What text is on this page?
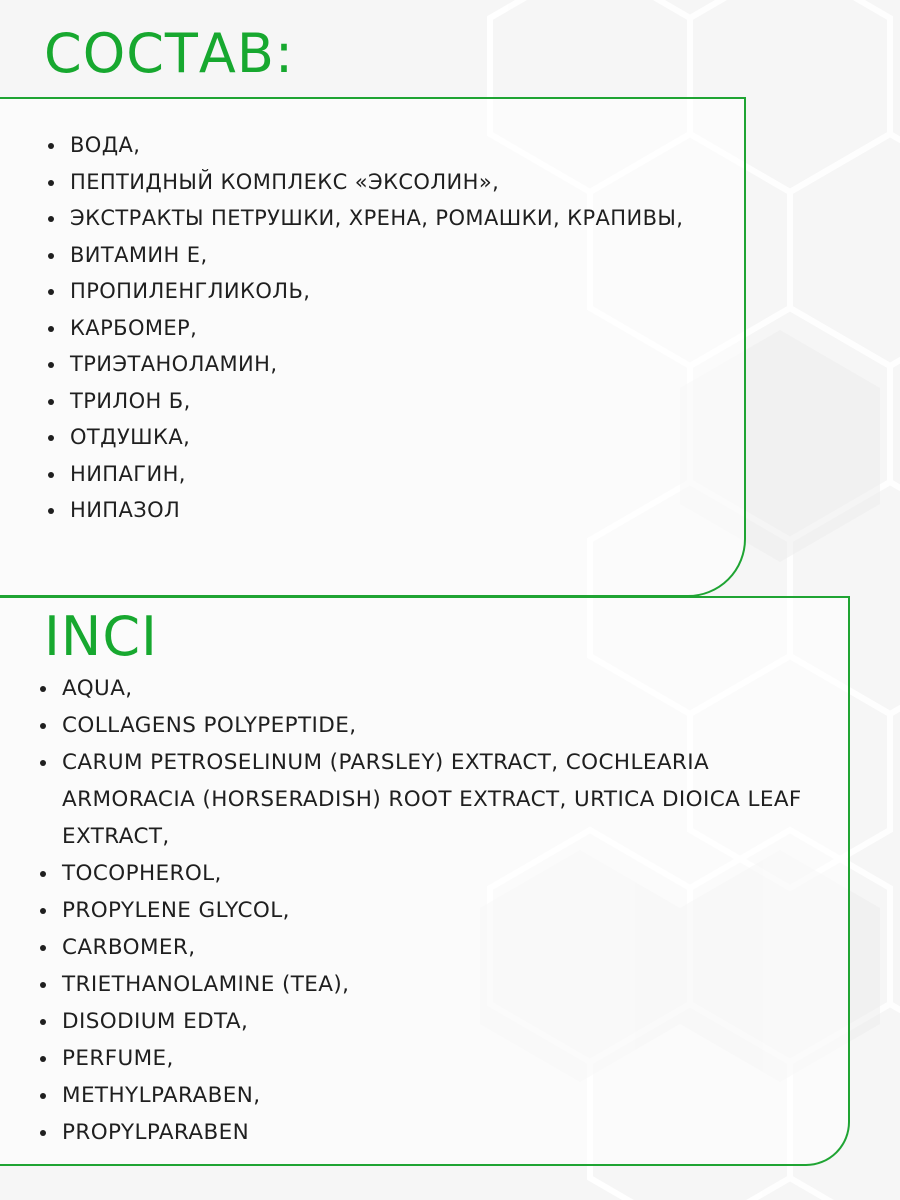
СОСТАВ:
ВОДА,
ПЕПТИДНЫЙ КОМПЛЕКС «ЭКСОЛИН»,
ЭКСТРАКТЫ ПЕТРУШКИ, ХРЕНА, РОМАШКИ, КРАПИВЫ,
ВИТАМИН Е,
ПРОПИЛЕНГЛИКОЛЬ,
КАРБОМЕР,
ТРИЭТАНОЛАМИН,
ТРИЛОН Б,
ОТДУШКА,
НИПАГИН,
НИПАЗОЛ
INCI
AQUA,
COLLAGENS POLYPEPTIDE,
CARUM PETROSELINUM (PARSLEY) EXTRACT, COCHLEARIA ARMORACIA (HORSERADISH) ROOT EXTRACT, URTICA DIOICA LEAF EXTRACT,
TOCOPHEROL,
PROPYLENE GLYCOL,
CARBOMER,
TRIETHANOLAMINE (TEA),
DISODIUM EDTA,
PERFUME,
METHYLPARABEN,
PROPYLPARABEN
